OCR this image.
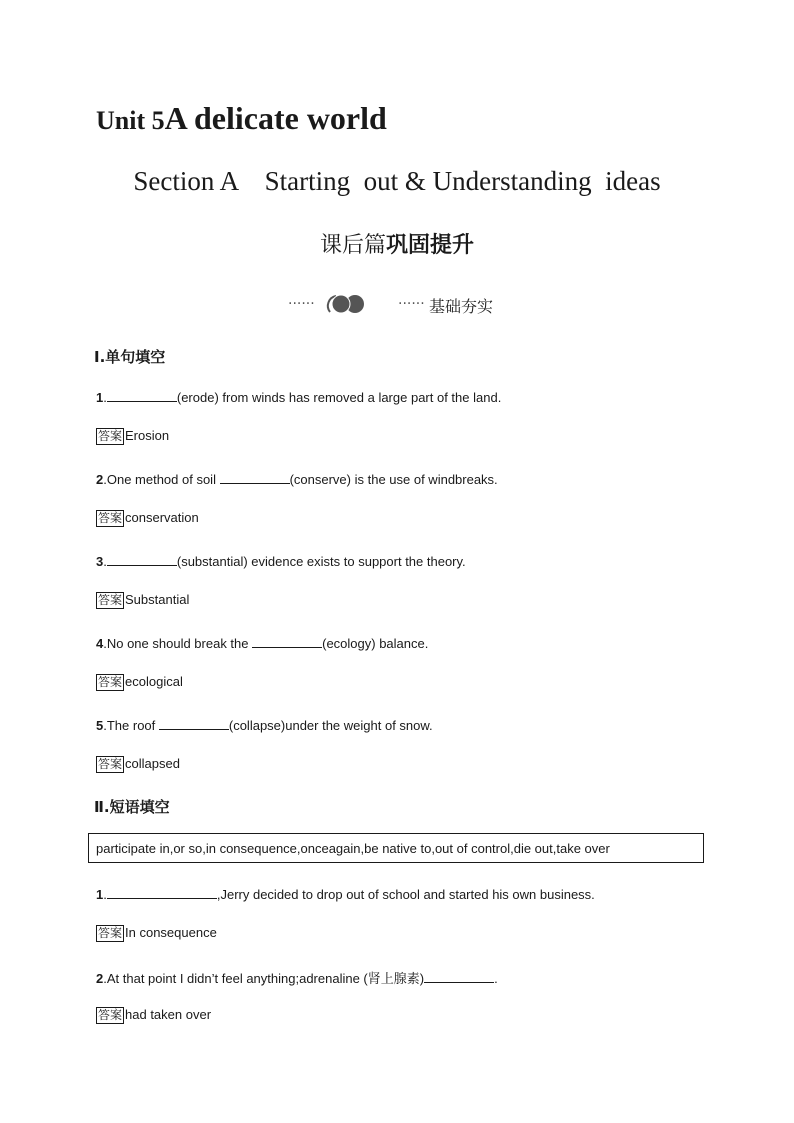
Unit 5A delicate world
Section A    Starting  out & Understanding  ideas
课后篇巩固提升
······	······ 基础夯实
Ⅰ.单句填空
1.	(erode) from winds has removed a large part of the land.
答案 Erosion
2.One method of soil	(conserve) is the use of windbreaks.
答案 conservation
3.	(substantial) evidence exists to support the theory.
答案 Substantial
4.No one should break the	(ecology) balance.
答案 ecological
5.The roof	(collapse)under the weight of snow.
答案 collapsed
Ⅱ.短语填空
participate in,or so,in consequence,onceagain,be native to,out of control,die out,take over
1.	,Jerry decided to drop out of school and started his own business.
答案 In consequence
2.At that point I didn’t feel anything;adrenaline (肾上腺素)	.
答案 had taken over
